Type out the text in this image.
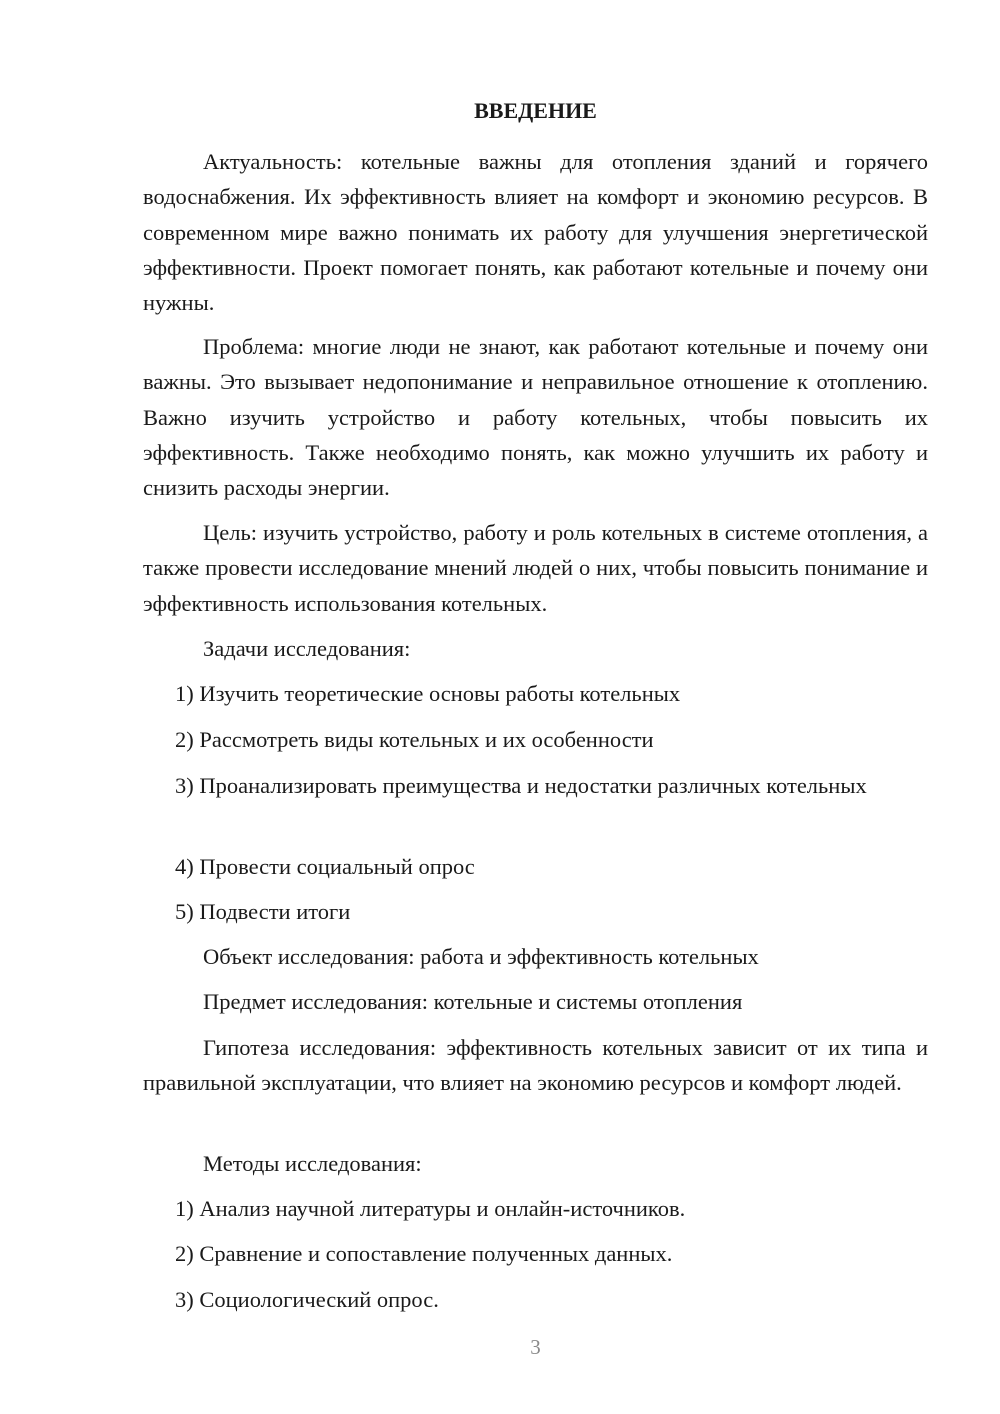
ВВЕДЕНИЕ

Актуальность: котельные важны для отопления зданий и горячего водоснабжения. Их эффективность влияет на комфорт и экономию ресурсов. В современном мире важно понимать их работу для улучшения энергетической эффективности. Проект помогает понять, как работают котельные и почему они нужны.

Проблема: многие люди не знают, как работают котельные и почему они важны. Это вызывает недопонимание и неправильное отношение к отоплению. Важно изучить устройство и работу котельных, чтобы повысить их эффективность. Также необходимо понять, как можно улучшить их работу и снизить расходы энергии.

Цель: изучить устройство, работу и роль котельных в системе отопления, а также провести исследование мнений людей о них, чтобы повысить понимание и эффективность использования котельных.

Задачи исследования:

1) Изучить теоретические основы работы котельных

2) Рассмотреть виды котельных и их особенности

3) Проанализировать преимущества и недостатки различных котельных

4) Провести социальный опрос

5) Подвести итоги

Объект исследования: работа и эффективность котельных

Предмет исследования: котельные и системы отопления

Гипотеза исследования: эффективность котельных зависит от их типа и правильной эксплуатации, что влияет на экономию ресурсов и комфорт людей.

Методы исследования:

1) Анализ научной литературы и онлайн-источников.

2) Сравнение и сопоставление полученных данных.

3) Социологический опрос.

3
